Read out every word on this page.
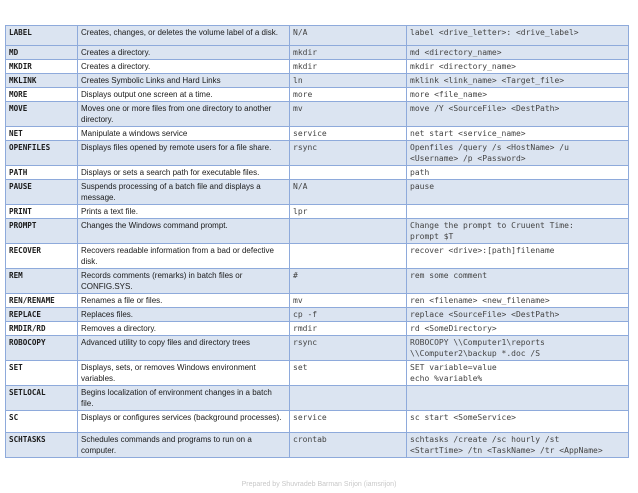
LABEL	Creates, changes, or deletes the volume label of a disk.	N/A	label <drive_letter>: <drive_label>
MD	Creates a directory.	mkdir	md <directory_name>
MKDIR	Creates a directory.	mkdir	mkdir <directory_name>
MKLINK	Creates Symbolic Links and Hard Links	ln	mklink <link_name> <Target_file>
MORE	Displays output one screen at a time.	more	more <file_name>
MOVE	Moves one or more files from one directory to another directory.	mv	move /Y <SourceFile> <DestPath>
NET	Manipulate a windows service	service	net start <service_name>
OPENFILES	Displays files opened by remote users for a file share.	rsync	Openfiles /query /s <HostName> /u
<Username> /p <Password>
PATH	Displays or sets a search path for executable files.		path
PAUSE	Suspends processing of a batch file and displays a message.	N/A	pause
PRINT	Prints a text file.	lpr	
PROMPT	Changes the Windows command prompt.		Change the prompt to Cruuent Time:
prompt $T
RECOVER	Recovers readable information from a bad or defective disk.		recover <drive>:[path]filename
REM	Records comments (remarks) in batch files or CONFIG.SYS.	#	rem some comment
REN/RENAME	Renames a file or files.	mv	ren <filename> <new_filename>
REPLACE	Replaces files.	cp -f	replace <SourceFile> <DestPath>
RMDIR/RD	Removes a directory.	rmdir	rd <SomeDirectory>
ROBOCOPY	Advanced utility to copy files and directory trees	rsync	ROBOCOPY \\Computer1\reports
\\Computer2\backup *.doc /S
SET	Displays, sets, or removes Windows environment variables.	set	SET variable=value
echo %variable%
SETLOCAL	Begins localization of environment changes in a batch file.		
SC	Displays or configures services (background processes).	service	sc start <SomeService>
SCHTASKS	Schedules commands and programs to run on a computer.	crontab	schtasks /create /sc hourly /st
<StartTime> /tn <TaskName> /tr <AppName>
Prepared by Shuvradeb Barman Srijon (iamsrijon)
